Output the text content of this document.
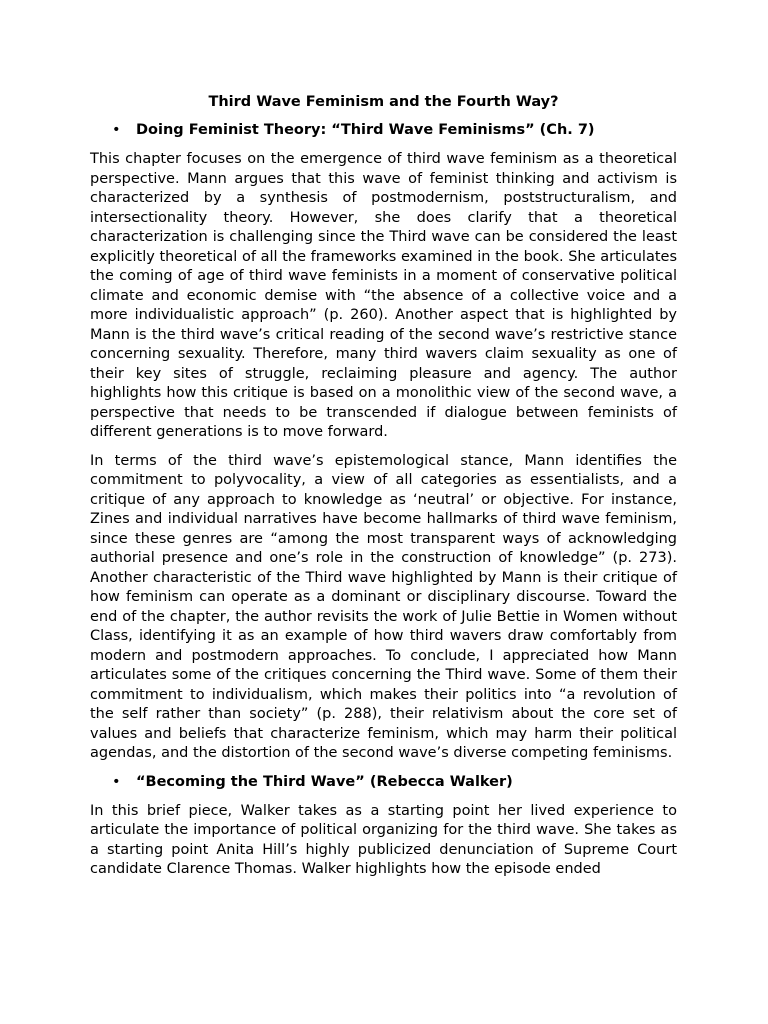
Third Wave Feminism and the Fourth Way?
•	Doing Feminist Theory: “Third Wave Feminisms” (Ch. 7)

This chapter focuses on the emergence of third wave feminism as a theoretical perspective. Mann argues that this wave of feminist thinking and activism is characterized by a synthesis of postmodernism, poststructuralism, and intersectionality theory. However, she does clarify that a theoretical characterization is challenging since the Third wave can be considered the least explicitly theoretical of all the frameworks examined in the book. She articulates the coming of age of third wave feminists in a moment of conservative political climate and economic demise with “the absence of a collective voice and a more individualistic approach” (p. 260). Another aspect that is highlighted by Mann is the third wave’s critical reading of the second wave’s restrictive stance concerning sexuality. Therefore, many third wavers claim sexuality as one of their key sites of struggle, reclaiming pleasure and agency. The author highlights how this critique is based on a monolithic view of the second wave, a perspective that needs to be transcended if dialogue between feminists of different generations is to move forward.

In terms of the third wave’s epistemological stance, Mann identifies the commitment to polyvocality, a view of all categories as essentialists, and a critique of any approach to knowledge as ‘neutral’ or objective. For instance, Zines and individual narratives have become hallmarks of third wave feminism, since these genres are “among the most transparent ways of acknowledging authorial presence and one’s role in the construction of knowledge” (p. 273). Another characteristic of the Third wave highlighted by Mann is their critique of how feminism can operate as a dominant or disciplinary discourse. Toward the end of the chapter, the author revisits the work of Julie Bettie in Women without Class, identifying it as an example of how third wavers draw comfortably from modern and postmodern approaches. To conclude, I appreciated how Mann articulates some of the critiques concerning the Third wave. Some of them their commitment to individualism, which makes their politics into “a revolution of the self rather than society” (p. 288), their relativism about the core set of values and beliefs that characterize feminism, which may harm their political agendas, and the distortion of the second wave’s diverse competing feminisms.

•	“Becoming the Third Wave” (Rebecca Walker)

In this brief piece, Walker takes as a starting point her lived experience to articulate the importance of political organizing for the third wave. She takes as a starting point Anita Hill’s highly publicized denunciation of Supreme Court candidate Clarence Thomas. Walker highlights how the episode ended
